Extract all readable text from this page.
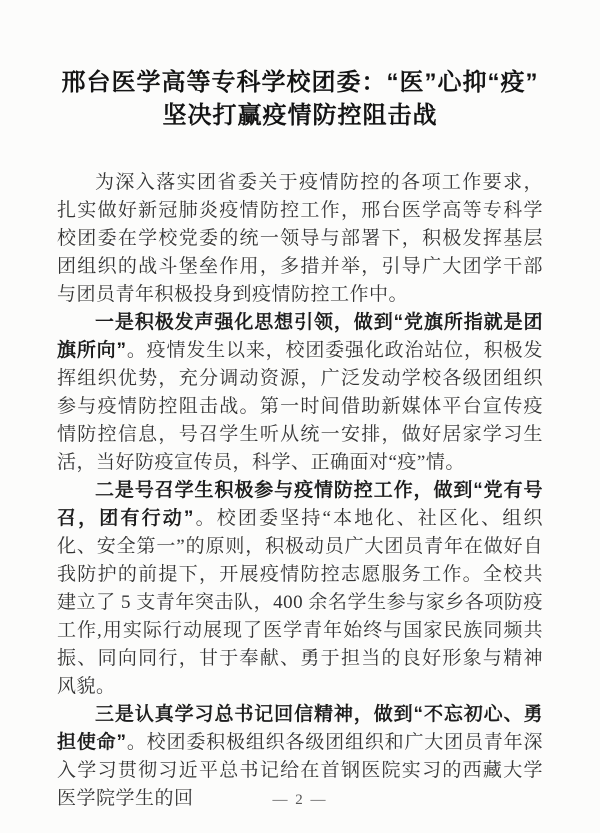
邢台医学高等专科学校团委：“医”心抑“疫”
坚决打赢疫情防控阻击战

为深入落实团省委关于疫情防控的各项工作要求，扎实做好新冠肺炎疫情防控工作，邢台医学高等专科学校团委在学校党委的统一领导与部署下，积极发挥基层团组织的战斗堡垒作用，多措并举，引导广大团学干部与团员青年积极投身到疫情防控工作中。

一是积极发声强化思想引领，做到“党旗所指就是团旗所向”。疫情发生以来，校团委强化政治站位，积极发挥组织优势，充分调动资源，广泛发动学校各级团组织参与疫情防控阻击战。第一时间借助新媒体平台宣传疫情防控信息，号召学生听从统一安排，做好居家学习生活，当好防疫宣传员，科学、正确面对“疫”情。

二是号召学生积极参与疫情防控工作，做到“党有号召，团有行动”。校团委坚持“本地化、社区化、组织化、安全第一”的原则，积极动员广大团员青年在做好自我防护的前提下，开展疫情防控志愿服务工作。全校共建立了 5 支青年突击队，400 余名学生参与家乡各项防疫工作,用实际行动展现了医学青年始终与国家民族同频共振、同向同行，甘于奉献、勇于担当的良好形象与精神风貌。

三是认真学习总书记回信精神，做到“不忘初心、勇担使命”。校团委积极组织各级团组织和广大团员青年深入学习贯彻习近平总书记给在首钢医院实习的西藏大学医学院学生的回	— 2 —
